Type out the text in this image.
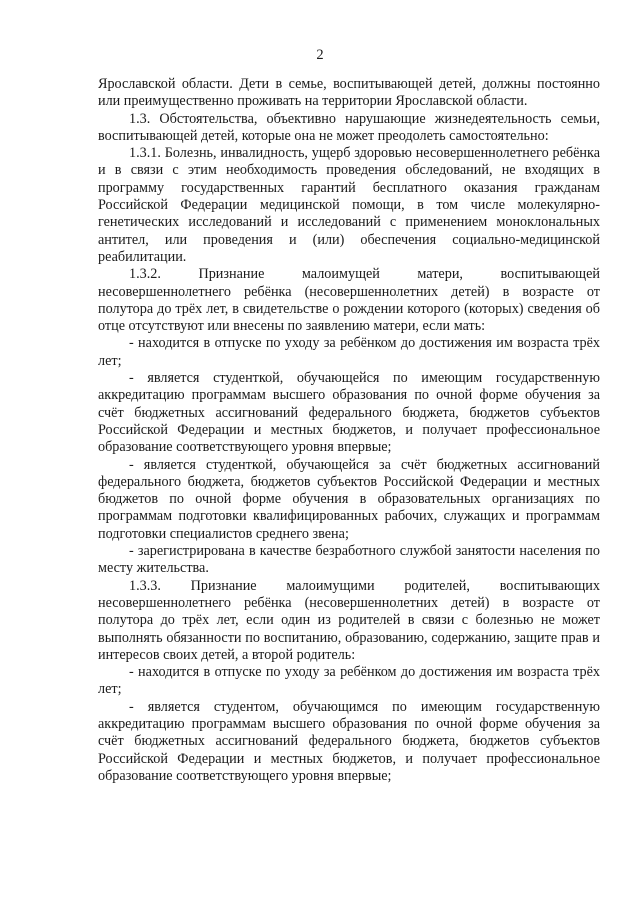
2

Ярославской области. Дети в семье, воспитывающей детей, должны постоянно или преимущественно проживать на территории Ярославской области.

1.3. Обстоятельства, объективно нарушающие жизнедеятельность семьи, воспитывающей детей, которые она не может преодолеть самостоятельно:

1.3.1. Болезнь, инвалидность, ущерб здоровью несовершеннолетнего ребёнка и в связи с этим необходимость проведения обследований, не входящих в программу государственных гарантий бесплатного оказания гражданам Российской Федерации медицинской помощи, в том числе молекулярно-генетических исследований и исследований с применением моноклональных антител, или проведения и (или) обеспечения социально-медицинской реабилитации.

1.3.2. Признание малоимущей матери, воспитывающей несовершеннолетнего ребёнка (несовершеннолетних детей) в возрасте от полутора до трёх лет, в свидетельстве о рождении которого (которых) сведения об отце отсутствуют или внесены по заявлению матери, если мать:

- находится в отпуске по уходу за ребёнком до достижения им возраста трёх лет;

- является студенткой, обучающейся по имеющим государственную аккредитацию программам высшего образования по очной форме обучения за счёт бюджетных ассигнований федерального бюджета, бюджетов субъектов Российской Федерации и местных бюджетов, и получает профессиональное образование соответствующего уровня впервые;

- является студенткой, обучающейся за счёт бюджетных ассигнований федерального бюджета, бюджетов субъектов Российской Федерации и местных бюджетов по очной форме обучения в образовательных организациях по программам подготовки квалифицированных рабочих, служащих и программам подготовки специалистов среднего звена;

- зарегистрирована в качестве безработного службой занятости населения по месту жительства.

1.3.3. Признание малоимущими родителей, воспитывающих несовершеннолетнего ребёнка (несовершеннолетних детей) в возрасте от полутора до трёх лет, если один из родителей в связи с болезнью не может выполнять обязанности по воспитанию, образованию, содержанию, защите прав и интересов своих детей, а второй родитель:

- находится в отпуске по уходу за ребёнком до достижения им возраста трёх лет;

- является студентом, обучающимся по имеющим государственную аккредитацию программам высшего образования по очной форме обучения за счёт бюджетных ассигнований федерального бюджета, бюджетов субъектов Российской Федерации и местных бюджетов, и получает профессиональное образование соответствующего уровня впервые;
